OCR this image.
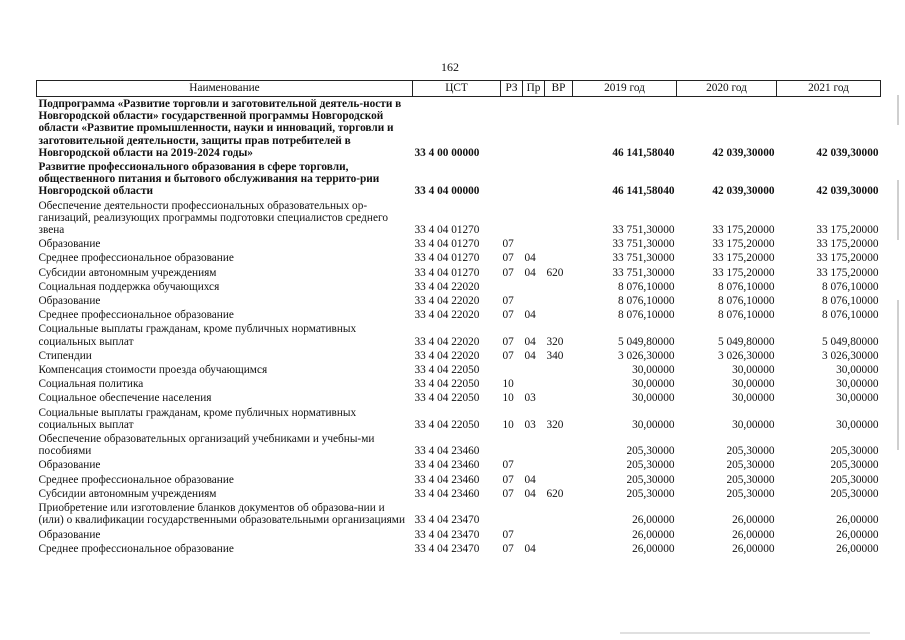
162
Наименование	ЦСТ	РЗ	Пр	ВР	2019 год	2020 год	2021 год
Подпрограмма «Развитие торговли и заготовительной деятель-ности в Новгородской области» государственной программы Новгородской области «Развитие промышленности, науки и инноваций, торговли и заготовительной деятельности, защиты прав потребителей в Новгородской области на 2019-2024 годы»	33 4 00 00000				46 141,58040	42 039,30000	42 039,30000
Развитие профессионального образования в сфере торговли, общественного питания и бытового обслуживания на террито-рии Новгородской области	33 4 04 00000				46 141,58040	42 039,30000	42 039,30000
Обеспечение деятельности профессиональных образовательных ор-ганизаций, реализующих программы подготовки специалистов среднего звена	33 4 04 01270				33 751,30000	33 175,20000	33 175,20000
Образование	33 4 04 01270	07			33 751,30000	33 175,20000	33 175,20000
Среднее профессиональное образование	33 4 04 01270	07	04		33 751,30000	33 175,20000	33 175,20000
Субсидии автономным учреждениям	33 4 04 01270	07	04	620	33 751,30000	33 175,20000	33 175,20000
Социальная поддержка обучающихся	33 4 04 22020				8 076,10000	8 076,10000	8 076,10000
Образование	33 4 04 22020	07			8 076,10000	8 076,10000	8 076,10000
Среднее профессиональное образование	33 4 04 22020	07	04		8 076,10000	8 076,10000	8 076,10000
Социальные выплаты гражданам, кроме публичных нормативных социальных выплат	33 4 04 22020	07	04	320	5 049,80000	5 049,80000	5 049,80000
Стипендии	33 4 04 22020	07	04	340	3 026,30000	3 026,30000	3 026,30000
Компенсация стоимости проезда обучающимся	33 4 04 22050				30,00000	30,00000	30,00000
Социальная политика	33 4 04 22050	10			30,00000	30,00000	30,00000
Социальное обеспечение населения	33 4 04 22050	10	03		30,00000	30,00000	30,00000
Социальные выплаты гражданам, кроме публичных нормативных социальных выплат	33 4 04 22050	10	03	320	30,00000	30,00000	30,00000
Обеспечение образовательных организаций учебниками и учебны-ми пособиями	33 4 04 23460				205,30000	205,30000	205,30000
Образование	33 4 04 23460	07			205,30000	205,30000	205,30000
Среднее профессиональное образование	33 4 04 23460	07	04		205,30000	205,30000	205,30000
Субсидии автономным учреждениям	33 4 04 23460	07	04	620	205,30000	205,30000	205,30000
Приобретение или изготовление бланков документов об образова-нии и (или) о квалификации государственными образовательными организациями	33 4 04 23470				26,00000	26,00000	26,00000
Образование	33 4 04 23470	07			26,00000	26,00000	26,00000
Среднее профессиональное образование	33 4 04 23470	07	04		26,00000	26,00000	26,00000
